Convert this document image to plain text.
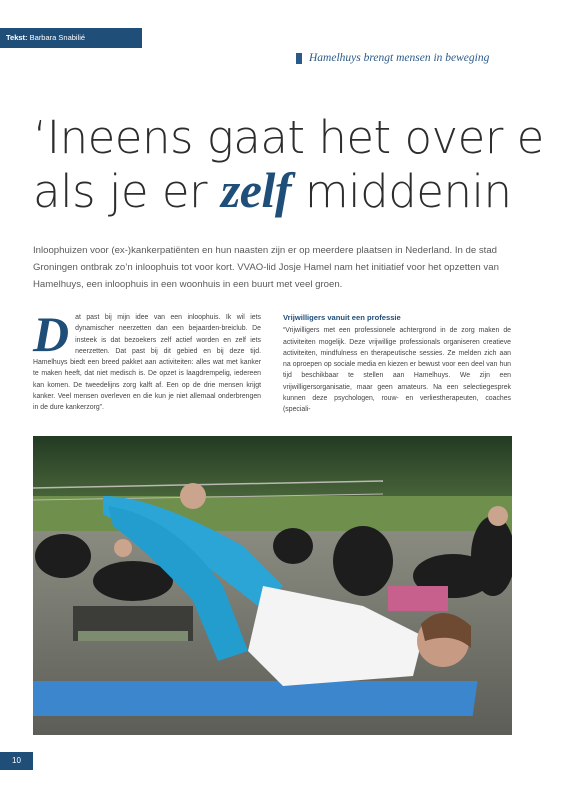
Tekst: Barbara Snabilié
Hamelhuys brengt mensen in beweging
‘Ineens gaat het over e
als je er zelf middenin
Inloophuizen voor (ex-)kankerpatiënten en hun naasten zijn er op meerdere plaatsen in Nederland. In de stad Groningen ontbrak zo’n inloophuis tot voor kort. VVAO-lid Josje Hamel nam het initiatief voor het opzetten van Hamelhuys, een inloophuis in een woonhuis in een buurt met veel groen.
D at past bij mijn idee van een inloophuis. Ik wil iets dynamischer neerzetten dan een bejaarden-breiclub. De insteek is dat bezoekers zelf actief worden en zelf iets neerzetten. Dat past bij dit gebied en bij deze tijd. Hamelhuys biedt een breed pakket aan activiteiten: alles wat met kanker te maken heeft, dat niet medisch is. De opzet is laagdrempelig, iedereen kan komen. De tweedelijns zorg kalft af. Een op de drie mensen krijgt kanker. Veel mensen overleven en die kun je niet allemaal onderbrengen in de dure kankerzorg”.
Vrijwilligers vanuit een professie
“Vrijwilligers met een professionele achtergrond in de zorg maken de activiteiten mogelijk. Deze vrijwillige professionals organiseren creatieve activiteiten, mindfulness en therapeutische sessies. Ze melden zich aan na oproepen op sociale media en kiezen er bewust voor een deel van hun tijd beschikbaar te stellen aan Hamelhuys. We zijn een vrijwilligersorganisatie, maar geen amateurs. Na een selectiegesprek kunnen deze psychologen, rouw- en verliestherapeuten, coaches (speciali-
10
